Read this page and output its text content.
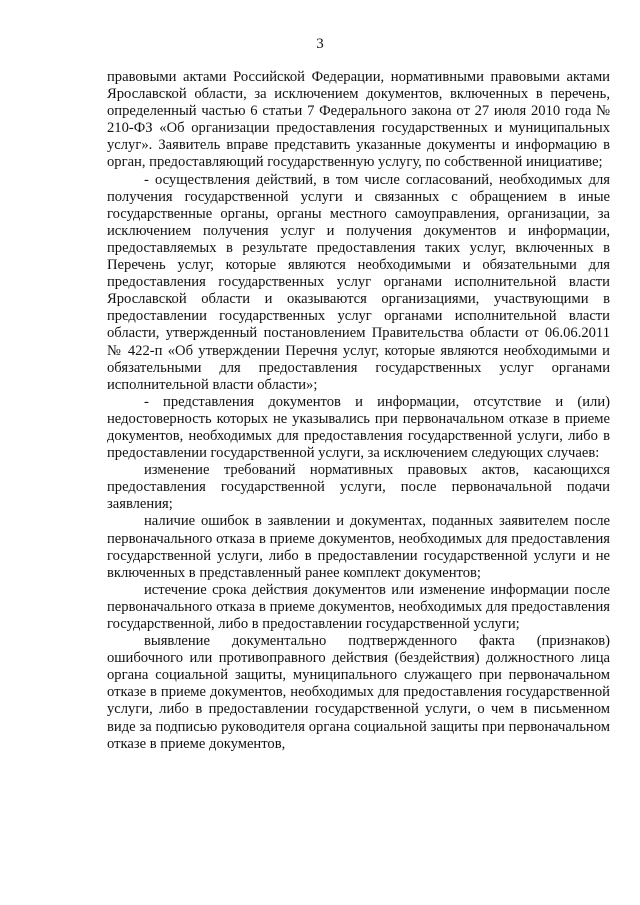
3

правовыми актами Российской Федерации, нормативными правовыми актами Ярославской области, за исключением документов, включенных в перечень, определенный частью 6 статьи 7 Федерального закона от 27 июля 2010 года № 210-ФЗ «Об организации предоставления государственных и муниципальных услуг». Заявитель вправе представить указанные документы и информацию в орган, предоставляющий государственную услугу, по собственной инициативе;

- осуществления действий, в том числе согласований, необходимых для получения государственной услуги и связанных с обращением в иные государственные органы, органы местного самоуправления, организации, за исключением получения услуг и получения документов и информации, предоставляемых в результате предоставления таких услуг, включенных в Перечень услуг, которые являются необходимыми и обязательными для предоставления государственных услуг органами исполнительной власти Ярославской области и оказываются организациями, участвующими в предоставлении государственных услуг органами исполнительной власти области, утвержденный постановлением Правительства области от 06.06.2011 № 422-п «Об утверждении Перечня услуг, которые являются необходимыми и обязательными для предоставления государственных услуг органами исполнительной власти области»;

- представления документов и информации, отсутствие и (или) недостоверность которых не указывались при первоначальном отказе в приеме документов, необходимых для предоставления государственной услуги, либо в предоставлении государственной услуги, за исключением следующих случаев:

изменение требований нормативных правовых актов, касающихся предоставления государственной услуги, после первоначальной подачи заявления;

наличие ошибок в заявлении и документах, поданных заявителем после первоначального отказа в приеме документов, необходимых для предоставления государственной услуги, либо в предоставлении государственной услуги и не включенных в представленный ранее комплект документов;

истечение срока действия документов или изменение информации после первоначального отказа в приеме документов, необходимых для предоставления государственной, либо в предоставлении государственной услуги;

выявление документально подтвержденного факта (признаков) ошибочного или противоправного действия (бездействия) должностного лица органа социальной защиты, муниципального служащего при первоначальном отказе в приеме документов, необходимых для предоставления государственной услуги, либо в предоставлении государственной услуги, о чем в письменном виде за подписью руководителя органа социальной защиты при первоначальном отказе в приеме документов,
